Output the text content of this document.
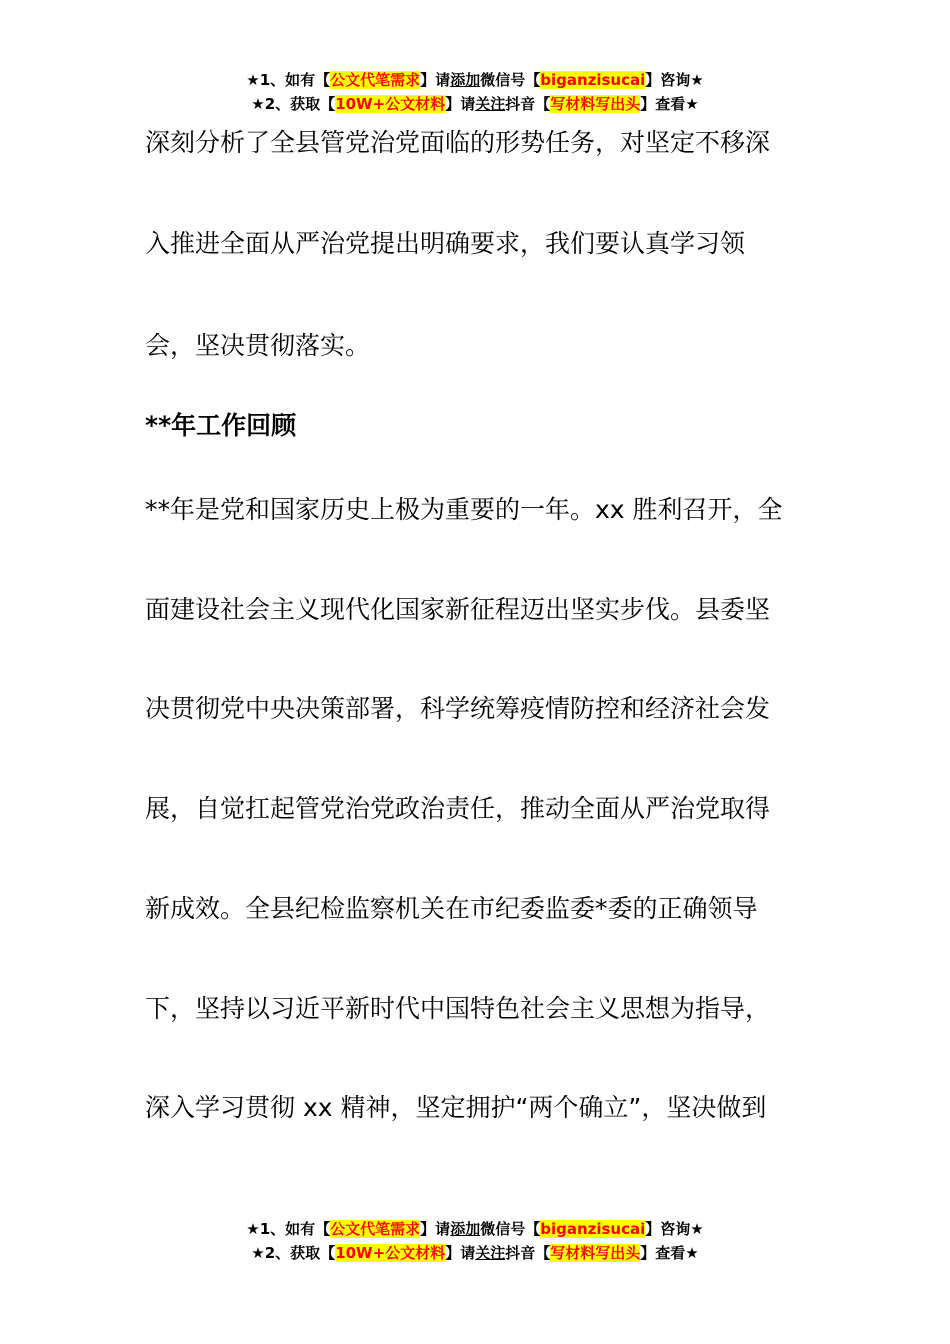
★1、如有【公文代笔需求】请添加微信号【biganzisucai】咨询★
★2、获取【10W+公文材料】请关注抖音【写材料写出头】查看★
深刻分析了全县管党治党面临的形势任务，对坚定不移深
入推进全面从严治党提出明确要求，我们要认真学习领
会，坚决贯彻落实。
**年工作回顾
**年是党和国家历史上极为重要的一年。xx 胜利召开，全
面建设社会主义现代化国家新征程迈出坚实步伐。县委坚
决贯彻党中央决策部署，科学统筹疫情防控和经济社会发
展，自觉扛起管党治党政治责任，推动全面从严治党取得
新成效。全县纪检监察机关在市纪委监委*委的正确领导
下，坚持以习近平新时代中国特色社会主义思想为指导，
深入学习贯彻 xx 精神，坚定拥护“两个确立”，坚决做到
★1、如有【公文代笔需求】请添加微信号【biganzisucai】咨询★
★2、获取【10W+公文材料】请关注抖音【写材料写出头】查看★
